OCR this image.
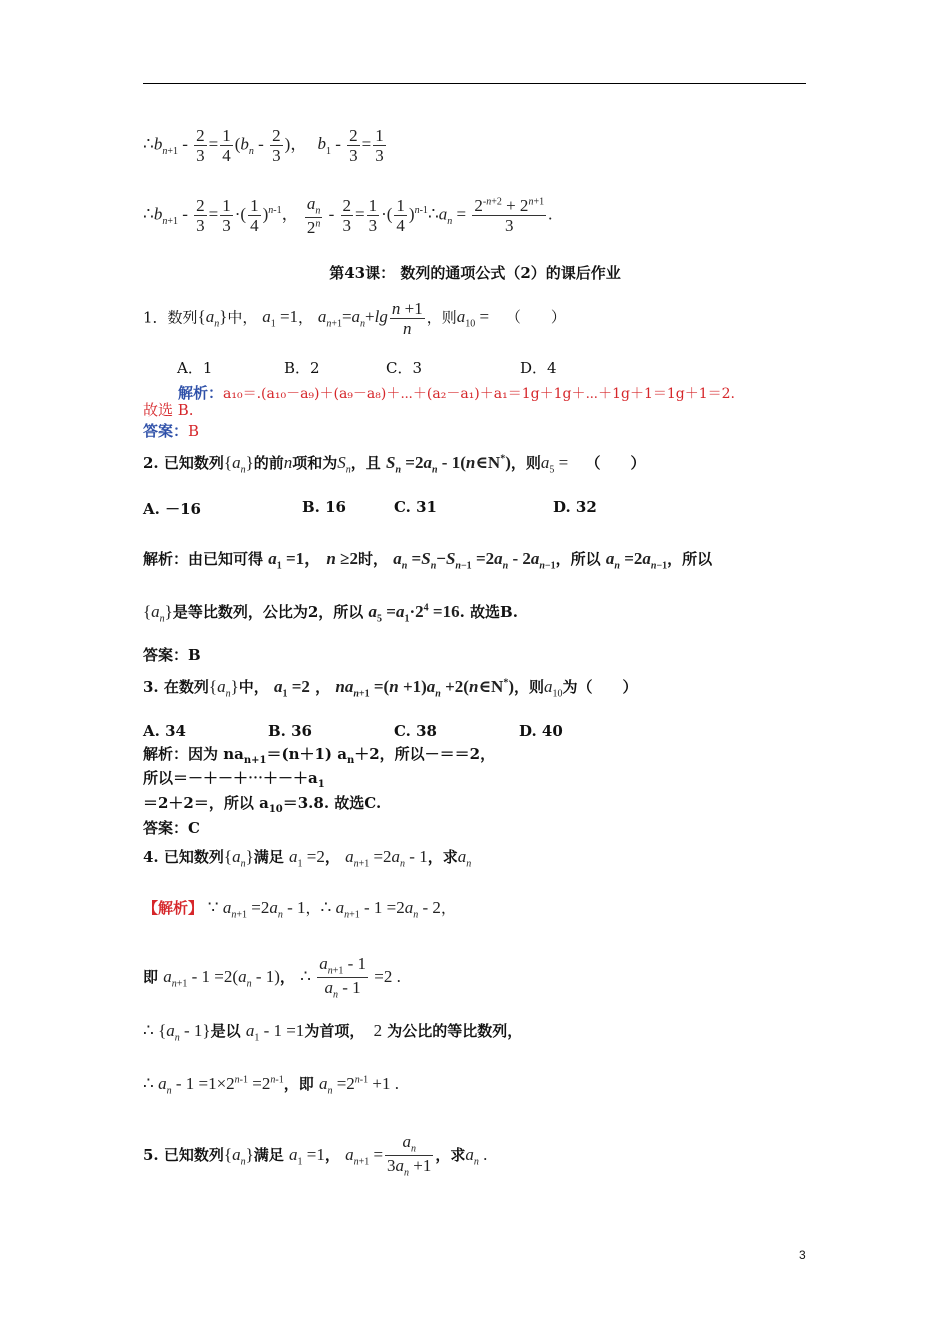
$\therefore b_{n+1} - \frac{2}{3} = \frac{1}{4} (b_n - \frac{2}{3}$ )， $b_1 - \frac{2}{3} = \frac{1}{3}$
$\therefore b_{n+1} - \frac{2}{3} = \frac{1}{3}$ ·( $\frac{1}{4} )^{n-1}$， $\frac{a_n}{2^n} - \frac{2}{3} = \frac{1}{3}$ ·( $\frac{1}{4}$ )$^{n-1}\therefore a_n = \frac{2^{-n+2} + 2^{n+1}}{3}$ .
第43课： 数列的通项公式（2）的课后作业
1．数列$\{a_n\}$中， $a_1 =1$， $a_{n+1}=a_n+\lg \frac{n +1}{n}$ ，则$a_{10}$ = （　　）
A．1	B．2	C．3	D．4
解析：a₁₀＝.(a₁₀－a₉)＋(a₉－a₈)＋⋯＋(a₂－a₁)＋a₁＝1g＋1g＋⋯＋1g＋1＝1g＋1＝2.
故选 B.
答案：B
2. 已知数列$\{a_n\}$的前n项和为$S_n$，且 $S_n =2a_n$ - 1(n∈N*)，则$a_5$ = （　　）
A. －16	B. 16	C. 31	D. 32
解析：由已知可得 $a_1 =1$， n ≥2时， $a_n =S_n-S_{n-1} =2a_n - 2a_{n-1}$，所以 $a_n =2a_{n-1}$，所以
$\{a_n\}$是等比数列，公比为2，所以 $a_5 =a_1\cdot 2^4 =16$. 故选B.
答案：B
3. 在数列$\{a_n\}$中， $a_1 =2$ ， $na_{n+1} =(n +1)a_n$ +2(n∈N*)，则$a_{10}$为（　　）
A. 34	B. 36	C. 38	D. 40
解析：因为 $na_{n+1}=(n+1)$ $a_n+2$，所以－＝＝2，
所以$=-+-+\cdots+-+a_1$
＝2＋2＝，所以 $a_{10}=3.8$. 故选C.
答案：C
4. 已知数列$\{a_n\}$满足 $a_1 =2$， $a_{n+1} =2a_n - 1$，求$a_n$
【解析】 ∵ $a_{n+1} =2a_n - 1$，∴ $a_{n+1} - 1 =2a_n - 2$，
即 $a_{n+1} - 1 =2(a_n - 1)$， ∴ $\frac{a_{n+1} - 1}{a_n - 1} =2$ .
∴ $\{a_n - 1\}$是以 $a_1 - 1 =1$为首项， 2 为公比的等比数列，
∴ $a_n - 1 =1\times 2^{n-1} =2^{n-1}$，即 $a_n =2^{n-1} +1$ .
5. 已知数列$\{a_n\}$满足 $a_1 =1$， $a_{n+1} = \frac{a_n}{3a_n +1}$ ，求$a_n$ .
3
